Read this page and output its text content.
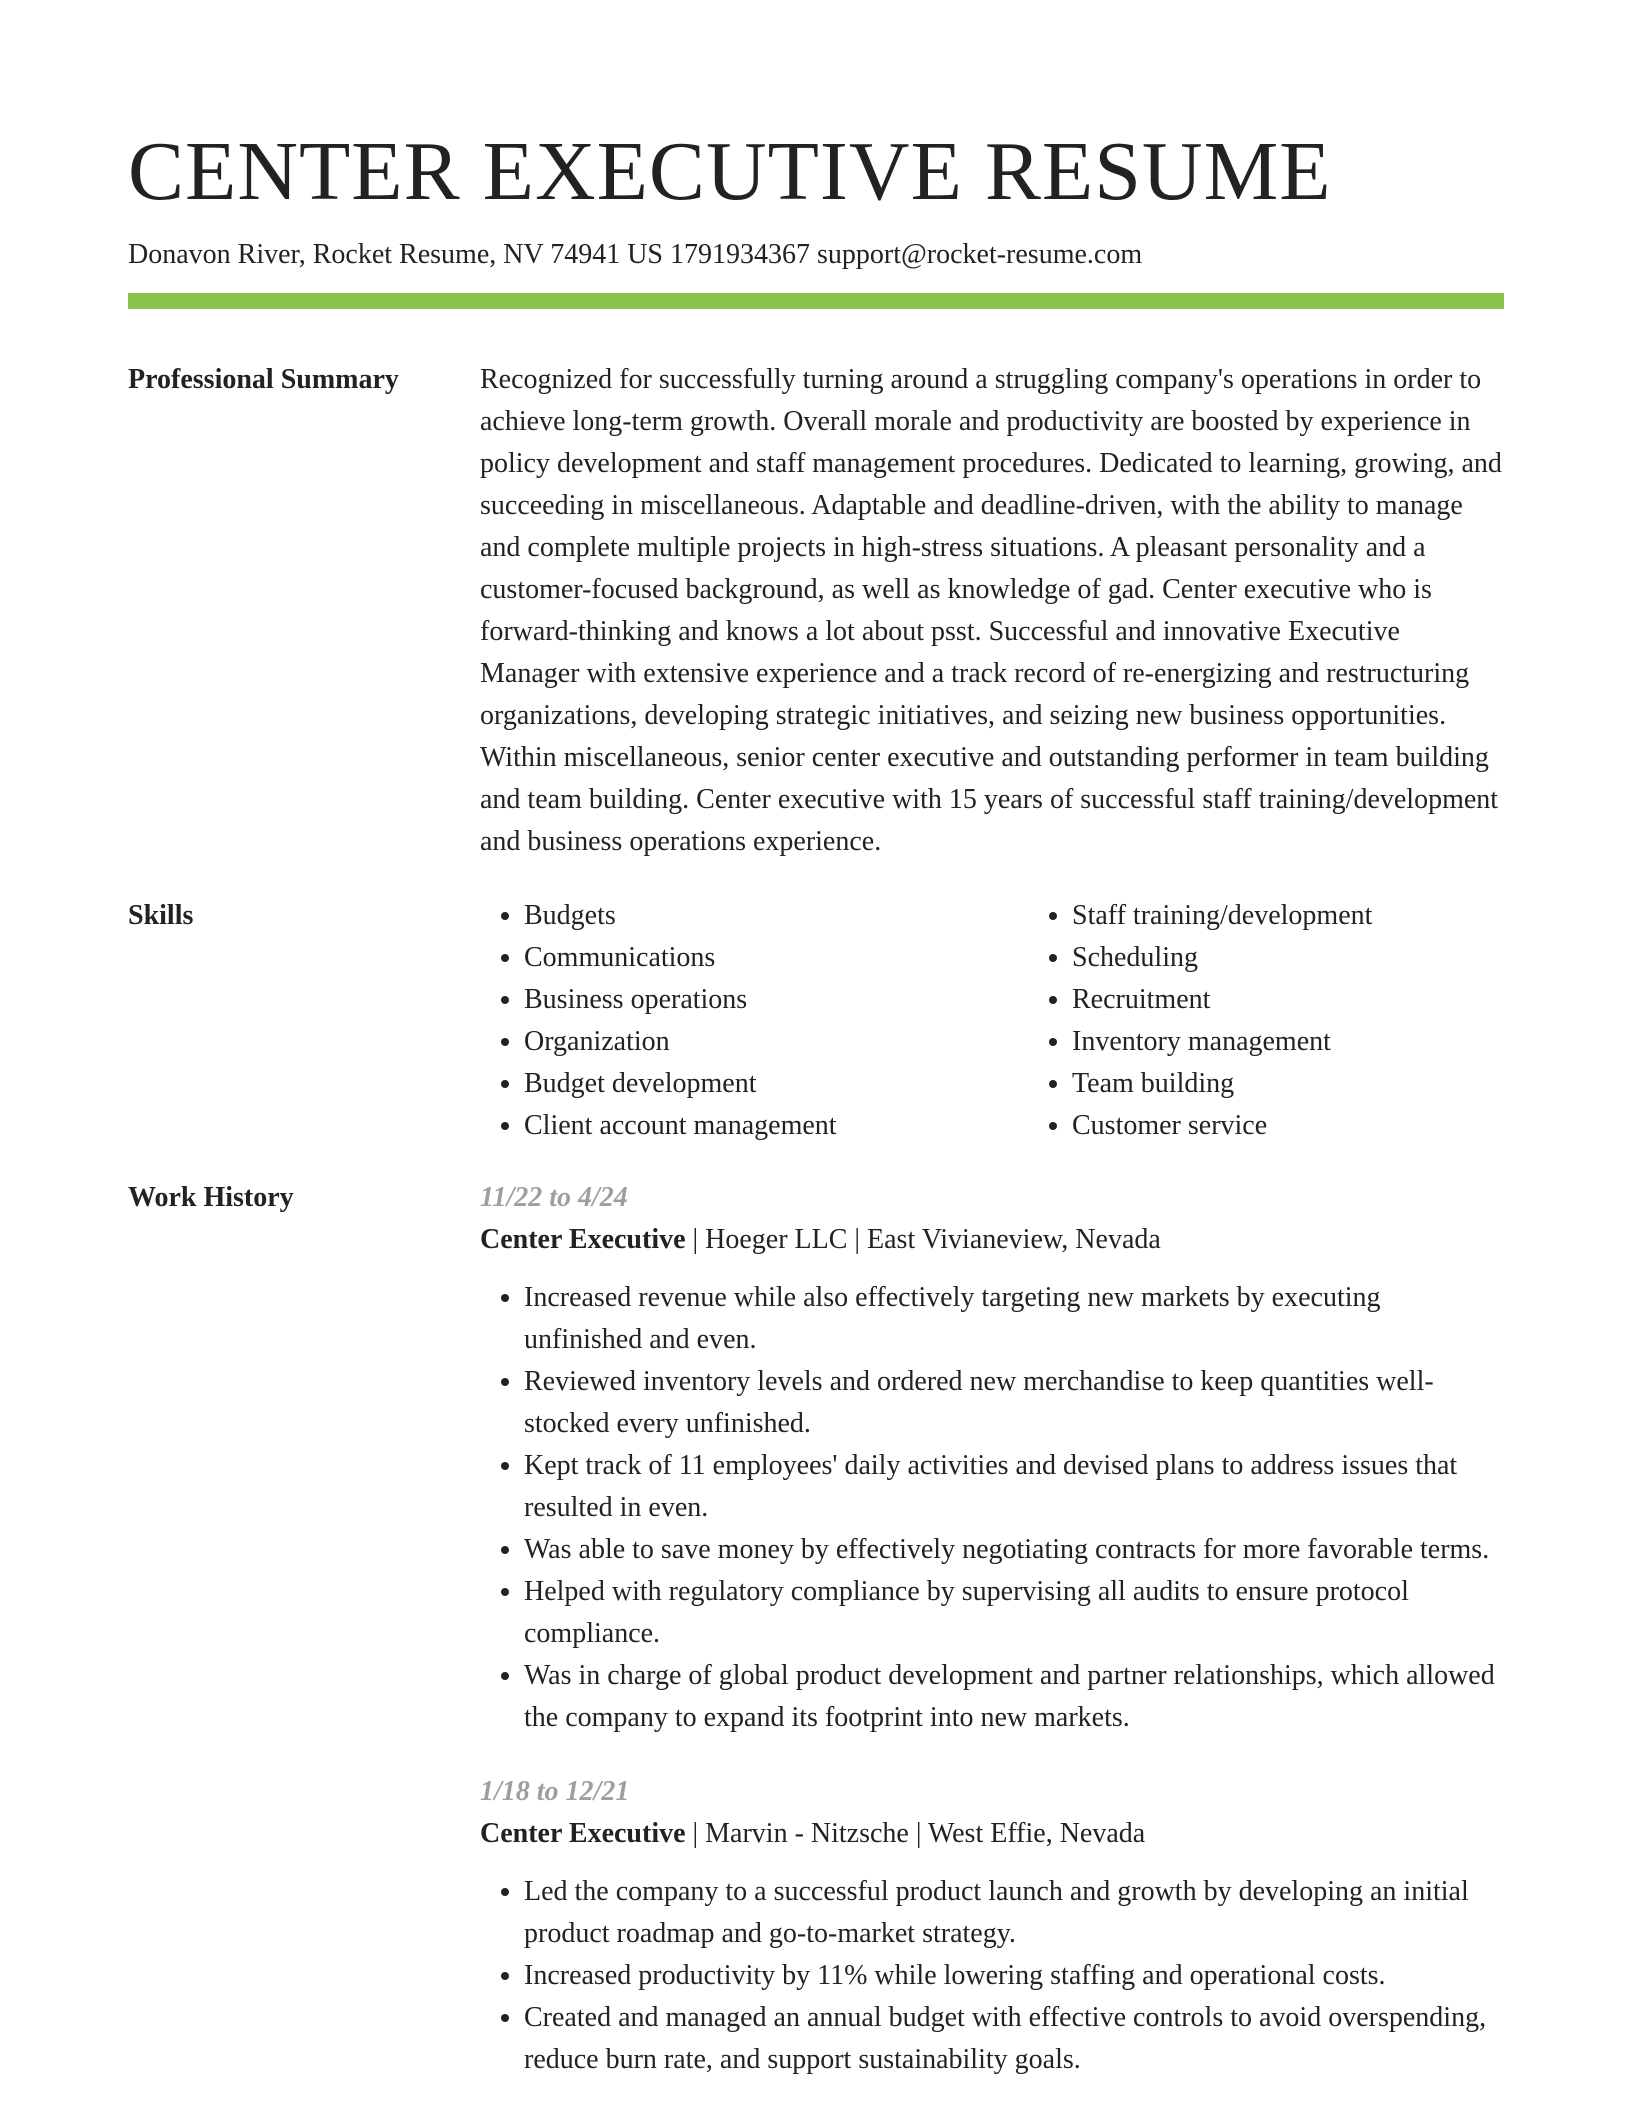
CENTER EXECUTIVE RESUME
Donavon River, Rocket Resume, NV 74941 US 1791934367 support@rocket-resume.com
Professional Summary	Recognized for successfully turning around a struggling company's operations in order to achieve long-term growth. Overall morale and productivity are boosted by experience in policy development and staff management procedures. Dedicated to learning, growing, and succeeding in miscellaneous. Adaptable and deadline-driven, with the ability to manage and complete multiple projects in high-stress situations. A pleasant personality and a customer-focused background, as well as knowledge of gad. Center executive who is forward-thinking and knows a lot about psst. Successful and innovative Executive Manager with extensive experience and a track record of re-energizing and restructuring organizations, developing strategic initiatives, and seizing new business opportunities. Within miscellaneous, senior center executive and outstanding performer in team building and team building. Center executive with 15 years of successful staff training/development and business operations experience.

Skills
•	Budgets
• Communications
• Business operations
• Organization
• Budget development
• Client account management
• Staff training/development
• Scheduling
• Recruitment
• Inventory management
• Team building
• Customer service
Work History	11/22 to 4/24
Center Executive | Hoeger LLC | East Vivianeview, Nevada
• Increased revenue while also effectively targeting new markets by executing unfinished and even.
• Reviewed inventory levels and ordered new merchandise to keep quantities well-stocked every unfinished.
• Kept track of 11 employees' daily activities and devised plans to address issues that resulted in even.
• Was able to save money by effectively negotiating contracts for more favorable terms.
• Helped with regulatory compliance by supervising all audits to ensure protocol compliance.
• Was in charge of global product development and partner relationships, which allowed the company to expand its footprint into new markets.
1/18 to 12/21
Center Executive | Marvin - Nitzsche | West Effie, Nevada
• Led the company to a successful product launch and growth by developing an initial product roadmap and go-to-market strategy.
• Increased productivity by 11% while lowering staffing and operational costs.
• Created and managed an annual budget with effective controls to avoid overspending, reduce burn rate, and support sustainability goals.
